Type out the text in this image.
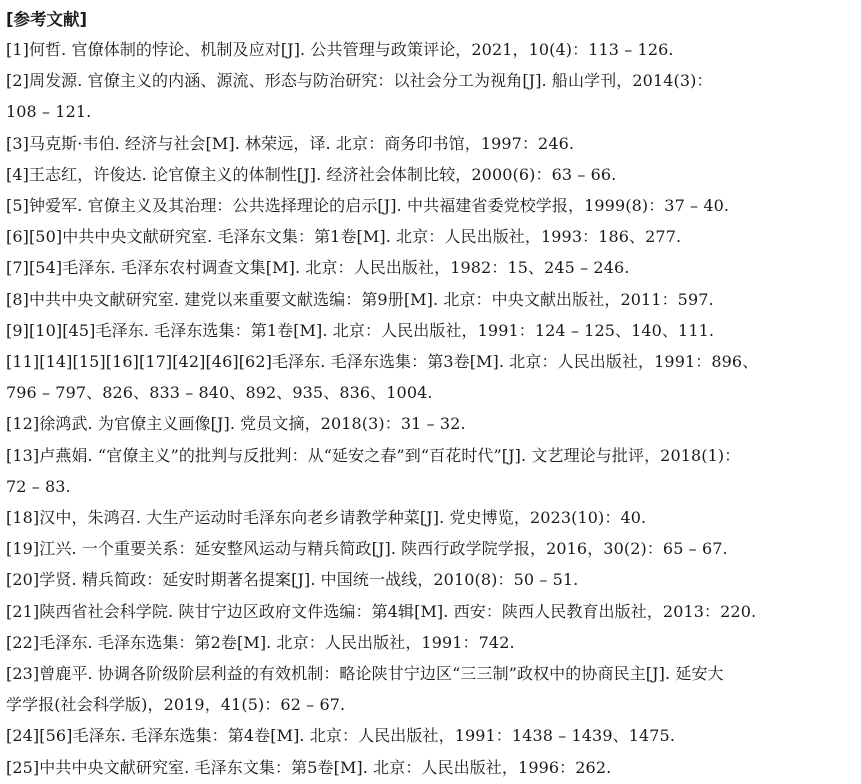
[参考文献]
[1]何哲. 官僚体制的悖论、机制及应对[J]. 公共管理与政策评论，2021，10(4)：113 – 126.
[2]周发源. 官僚主义的内涵、源流、形态与防治研究：以社会分工为视角[J]. 船山学刊，2014(3)：
108 – 121.
[3]马克斯·韦伯. 经济与社会[M]. 林荣远，译. 北京：商务印书馆，1997：246.
[4]王志红，许俊达. 论官僚主义的体制性[J]. 经济社会体制比较，2000(6)：63 – 66.
[5]钟爱军. 官僚主义及其治理：公共选择理论的启示[J]. 中共福建省委党校学报，1999(8)：37 – 40.
[6][50]中共中央文献研究室. 毛泽东文集：第1卷[M]. 北京：人民出版社，1993：186、277.
[7][54]毛泽东. 毛泽东农村调查文集[M]. 北京：人民出版社，1982：15、245 – 246.
[8]中共中央文献研究室. 建党以来重要文献选编：第9册[M]. 北京：中央文献出版社，2011：597.
[9][10][45]毛泽东. 毛泽东选集：第1卷[M]. 北京：人民出版社，1991：124 – 125、140、111.
[11][14][15][16][17][42][46][62]毛泽东. 毛泽东选集：第3卷[M]. 北京：人民出版社，1991：896、
796 – 797、826、833 – 840、892、935、836、1004.
[12]徐鸿武. 为官僚主义画像[J]. 党员文摘，2018(3)：31 – 32.
[13]卢燕娟. “官僚主义”的批判与反批判：从“延安之春”到“百花时代”[J]. 文艺理论与批评，2018(1)：
72 – 83.
[18]汉中，朱鸿召. 大生产运动时毛泽东向老乡请教学种菜[J]. 党史博览，2023(10)：40.
[19]江兴. 一个重要关系：延安整风运动与精兵简政[J]. 陕西行政学院学报，2016，30(2)：65 – 67.
[20]学贤. 精兵简政：延安时期著名提案[J]. 中国统一战线，2010(8)：50 – 51.
[21]陕西省社会科学院. 陕甘宁边区政府文件选编：第4辑[M]. 西安：陕西人民教育出版社，2013：220.
[22]毛泽东. 毛泽东选集：第2卷[M]. 北京：人民出版社，1991：742.
[23]曾鹿平. 协调各阶级阶层利益的有效机制：略论陕甘宁边区“三三制”政权中的协商民主[J]. 延安大
学学报(社会科学版)，2019，41(5)：62 – 67.
[24][56]毛泽东. 毛泽东选集：第4卷[M]. 北京：人民出版社，1991：1438 – 1439、1475.
[25]中共中央文献研究室. 毛泽东文集：第5卷[M]. 北京：人民出版社，1996：262.
